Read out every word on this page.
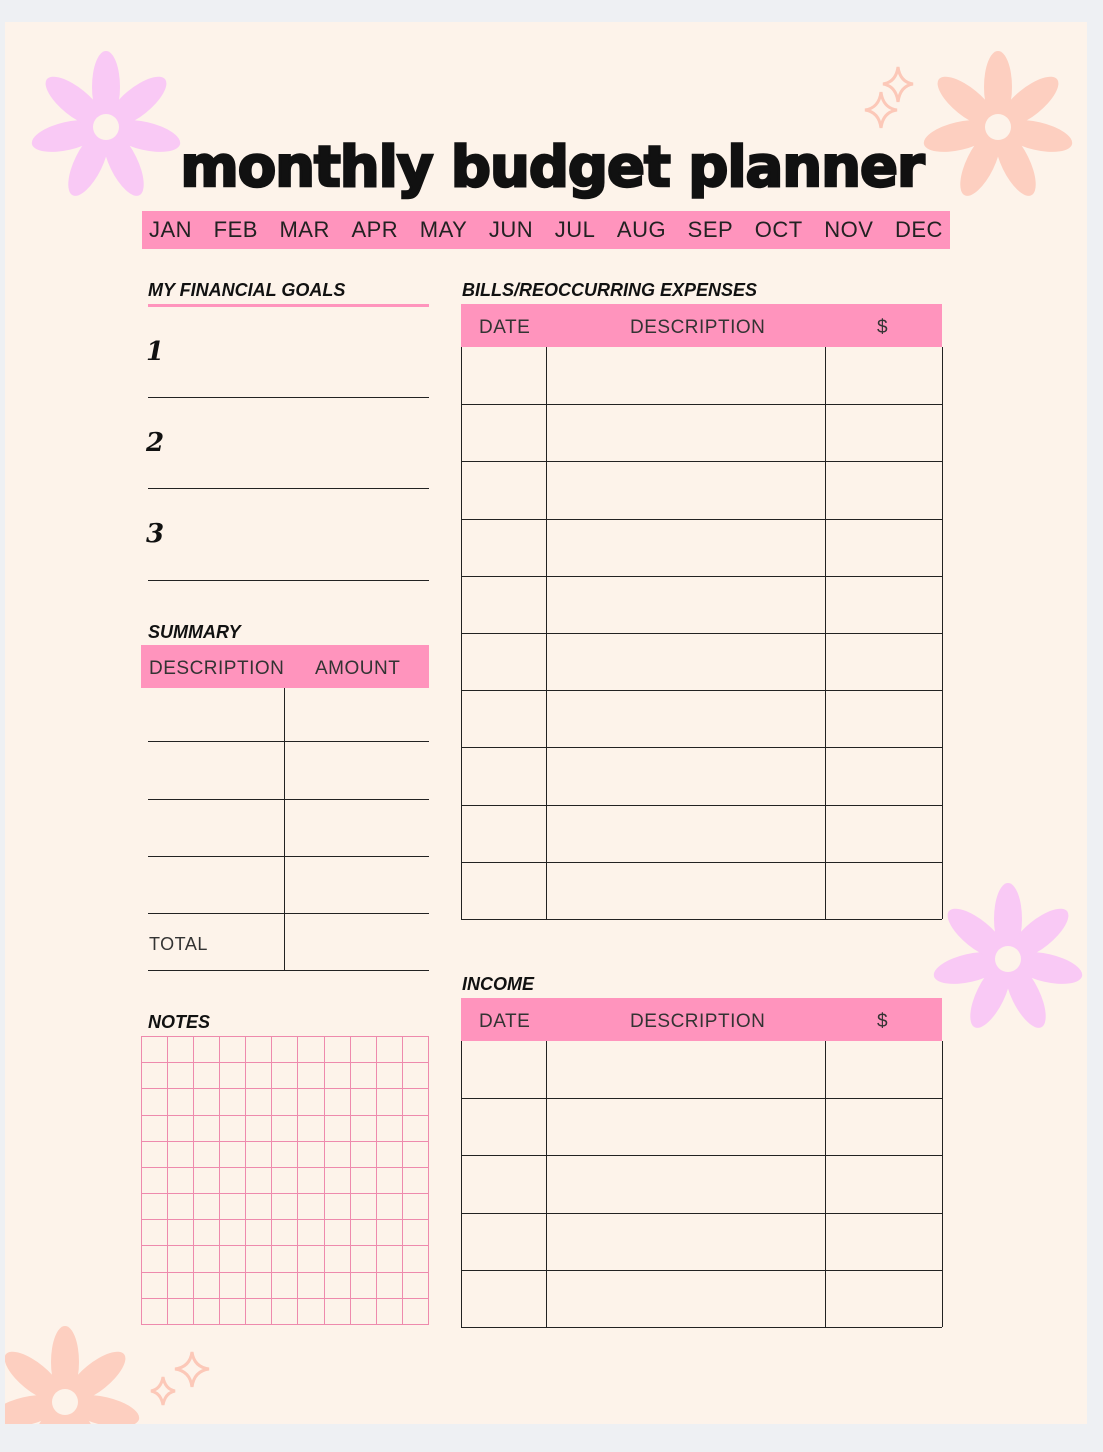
monthly budget planner
JAN FEB MAR APR MAY JUN JUL AUG SEP OCT NOV DEC
MY FINANCIAL GOALS
1
2
3
SUMMARY
DESCRIPTION AMOUNT
TOTAL
NOTES

BILLS/REOCCURRING EXPENSES
DATE	DESCRIPTION	$
INCOME
DATE	DESCRIPTION	$
